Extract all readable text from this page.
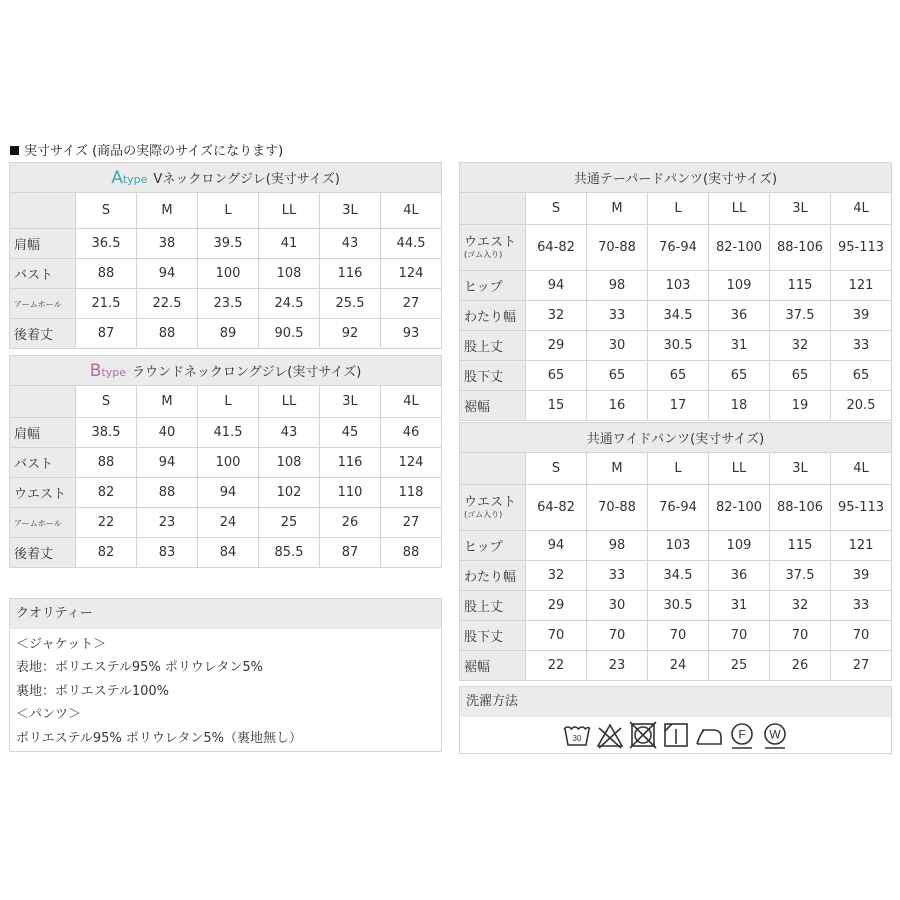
実寸サイズ (商品の実際のサイズになります)
Atype Vネックロングジレ(実寸サイズ)						
	S	M	L	LL	3L	4L
肩幅	36.5	38	39.5	41	43	44.5
バスト	88	94	100	108	116	124
アームホール	21.5	22.5	23.5	24.5	25.5	27
後着丈	87	88	89	90.5	92	93
Btype ラウンドネックロングジレ(実寸サイズ)						
	S	M	L	LL	3L	4L
肩幅	38.5	40	41.5	43	45	46
バスト	88	94	100	108	116	124
ウエスト	82	88	94	102	110	118
アームホール	22	23	24	25	26	27
後着丈	82	83	84	85.5	87	88
共通テーパードパンツ(実寸サイズ)						
	S	M	L	LL	3L	4L

ウエスト
(ゴム入り)	64-82	70-88	76-94	82-100	88-106	95-113
ヒップ	94	98	103	109	115	121
わたり幅	32	33	34.5	36	37.5	39
股上丈	29	30	30.5	31	32	33
股下丈	65	65	65	65	65	65
裾幅	15	16	17	18	19	20.5
共通ワイドパンツ(実寸サイズ)						
	S	M	L	LL	3L	4L

ウエスト
(ゴム入り)	64-82	70-88	76-94	82-100	88-106	95-113
ヒップ	94	98	103	109	115	121
わたり幅	32	33	34.5	36	37.5	39
股上丈	29	30	30.5	31	32	33
股下丈	70	70	70	70	70	70
裾幅	22	23	24	25	26	27
クオリティー
＜ジャケット＞
表地：ポリエステル95% ポリウレタン5%
裏地：ポリエステル100%
＜パンツ＞
ポリエステル95% ポリウレタン5%（裏地無し）
洗濯方法
30	F W
